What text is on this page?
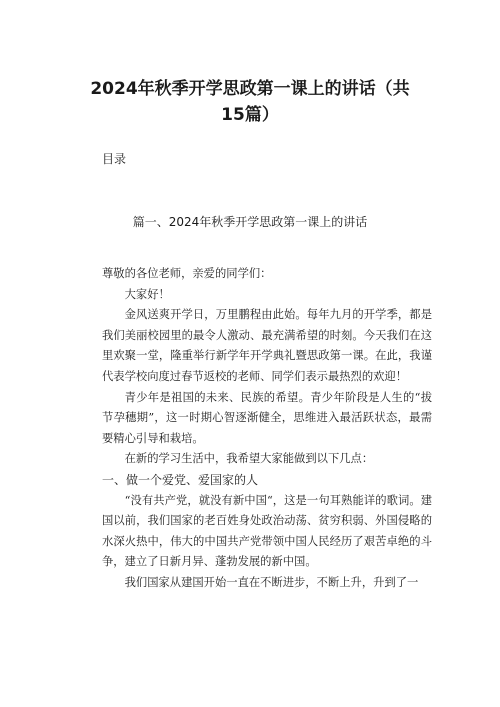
2024年秋季开学思政第一课上的讲话（共
15篇）
目录
篇一、2024年秋季开学思政第一课上的讲话

尊敬的各位老师，亲爱的同学们：

大家好！

金风送爽开学日，万里鹏程由此始。每年九月的开学季，都是我们美丽校园里的最令人激动、最充满希望的时刻。今天我们在这里欢聚一堂，隆重举行新学年开学典礼暨思政第一课。在此，我谨代表学校向度过春节返校的老师、同学们表示最热烈的欢迎！

青少年是祖国的未来、民族的希望。青少年阶段是人生的“拔节孕穗期”，这一时期心智逐渐健全，思维进入最活跃状态，最需要精心引导和栽培。

在新的学习生活中，我希望大家能做到以下几点：

一、做一个爱党、爱国家的人

“没有共产党，就没有新中国“，这是一句耳熟能详的歌词。建国以前，我们国家的老百姓身处政治动荡、贫穷积弱、外国侵略的水深火热中，伟大的中国共产党带领中国人民经历了艰苦卓绝的斗争，建立了日新月异、蓬勃发展的新中国。

我们国家从建国开始一直在不断进步，不断上升，升到了一
